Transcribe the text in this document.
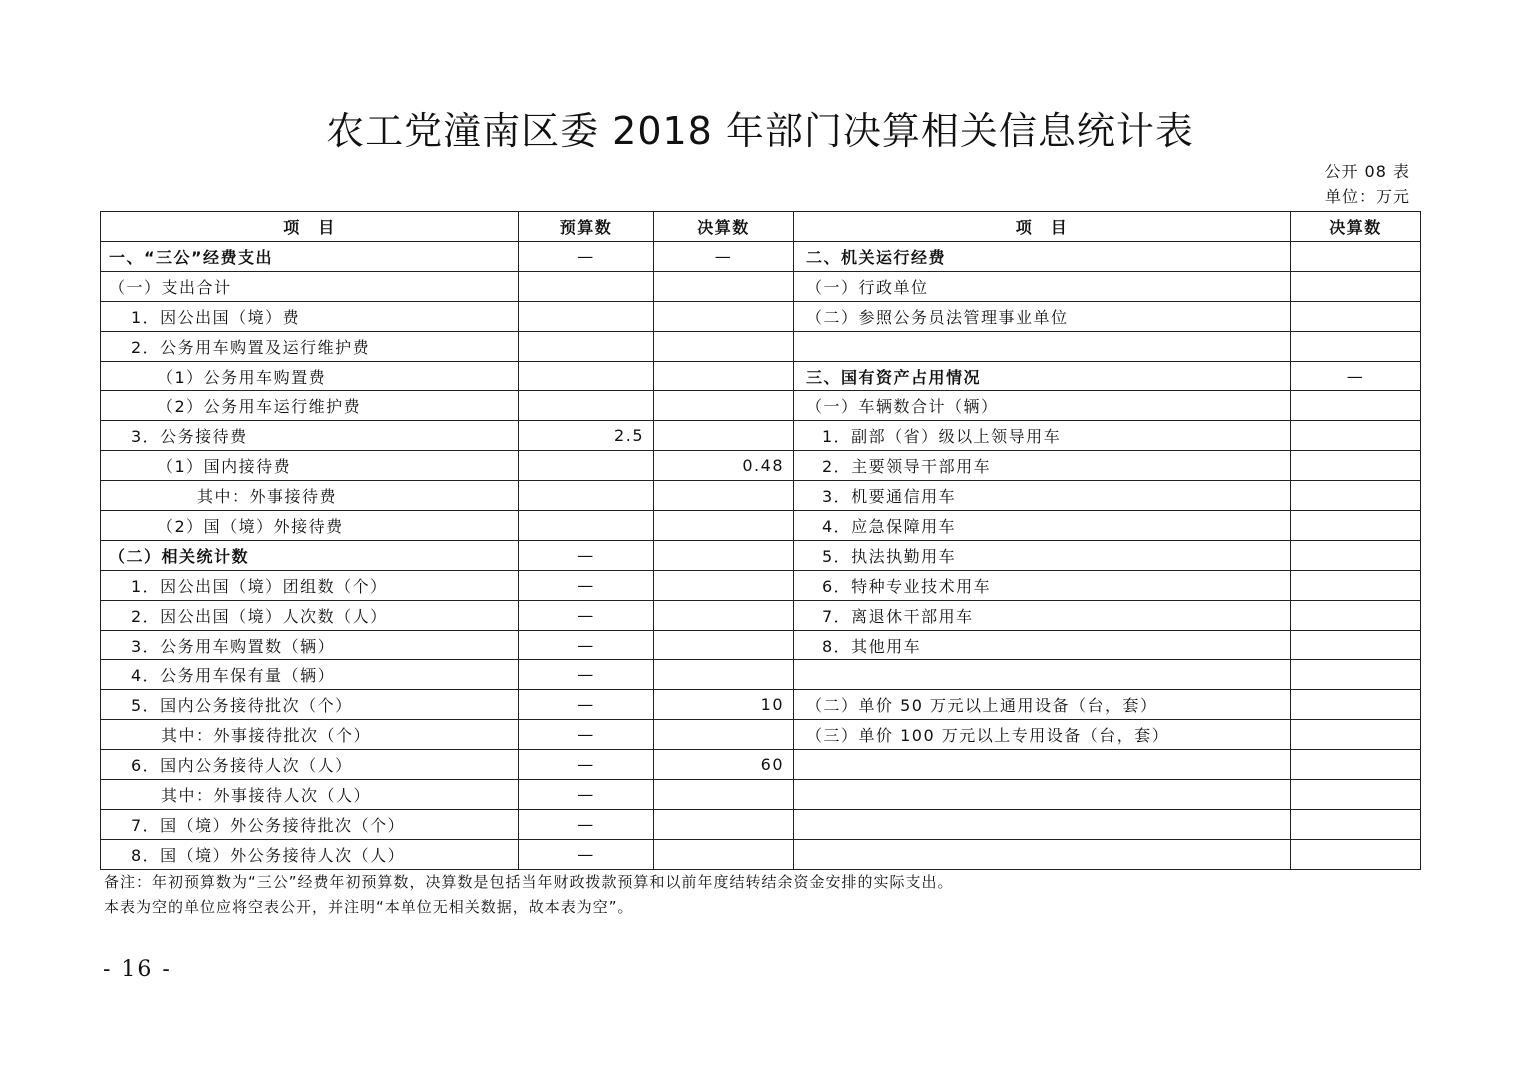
农工党潼南区委 2018 年部门决算相关信息统计表
公开 08 表
单位：万元
项　目	预算数	决算数	项　目	决算数
一、“三公”经费支出	—	—	二、机关运行经费	
（一）支出合计			（一）行政单位	
1．因公出国（境）费			（二）参照公务员法管理事业单位	
2．公务用车购置及运行维护费				
（1）公务用车购置费			三、国有资产占用情况	—
（2）公务用车运行维护费			（一）车辆数合计（辆）	
3．公务接待费	2.5		1．副部（省）级以上领导用车	
（1）国内接待费		0.48	2．主要领导干部用车	
其中：外事接待费			3．机要通信用车	
（2）国（境）外接待费			4．应急保障用车	
（二）相关统计数	—		5．执法执勤用车	
1．因公出国（境）团组数（个）	—		6．特种专业技术用车	
2．因公出国（境）人次数（人）	—		7．离退休干部用车	
3．公务用车购置数（辆）	—		8．其他用车	
4．公务用车保有量（辆）	—			
5．国内公务接待批次（个）	—	10	（二）单价 50 万元以上通用设备（台，套）	
其中：外事接待批次（个）	—		（三）单价 100 万元以上专用设备（台，套）	
6．国内公务接待人次（人）	—	60		
其中：外事接待人次（人）	—			
7．国（境）外公务接待批次（个）	—			
8．国（境）外公务接待人次（人）	—			
备注：年初预算数为“三公”经费年初预算数，决算数是包括当年财政拨款预算和以前年度结转结余资金安排的实际支出。
本表为空的单位应将空表公开，并注明“本单位无相关数据，故本表为空”。
- 16 -
